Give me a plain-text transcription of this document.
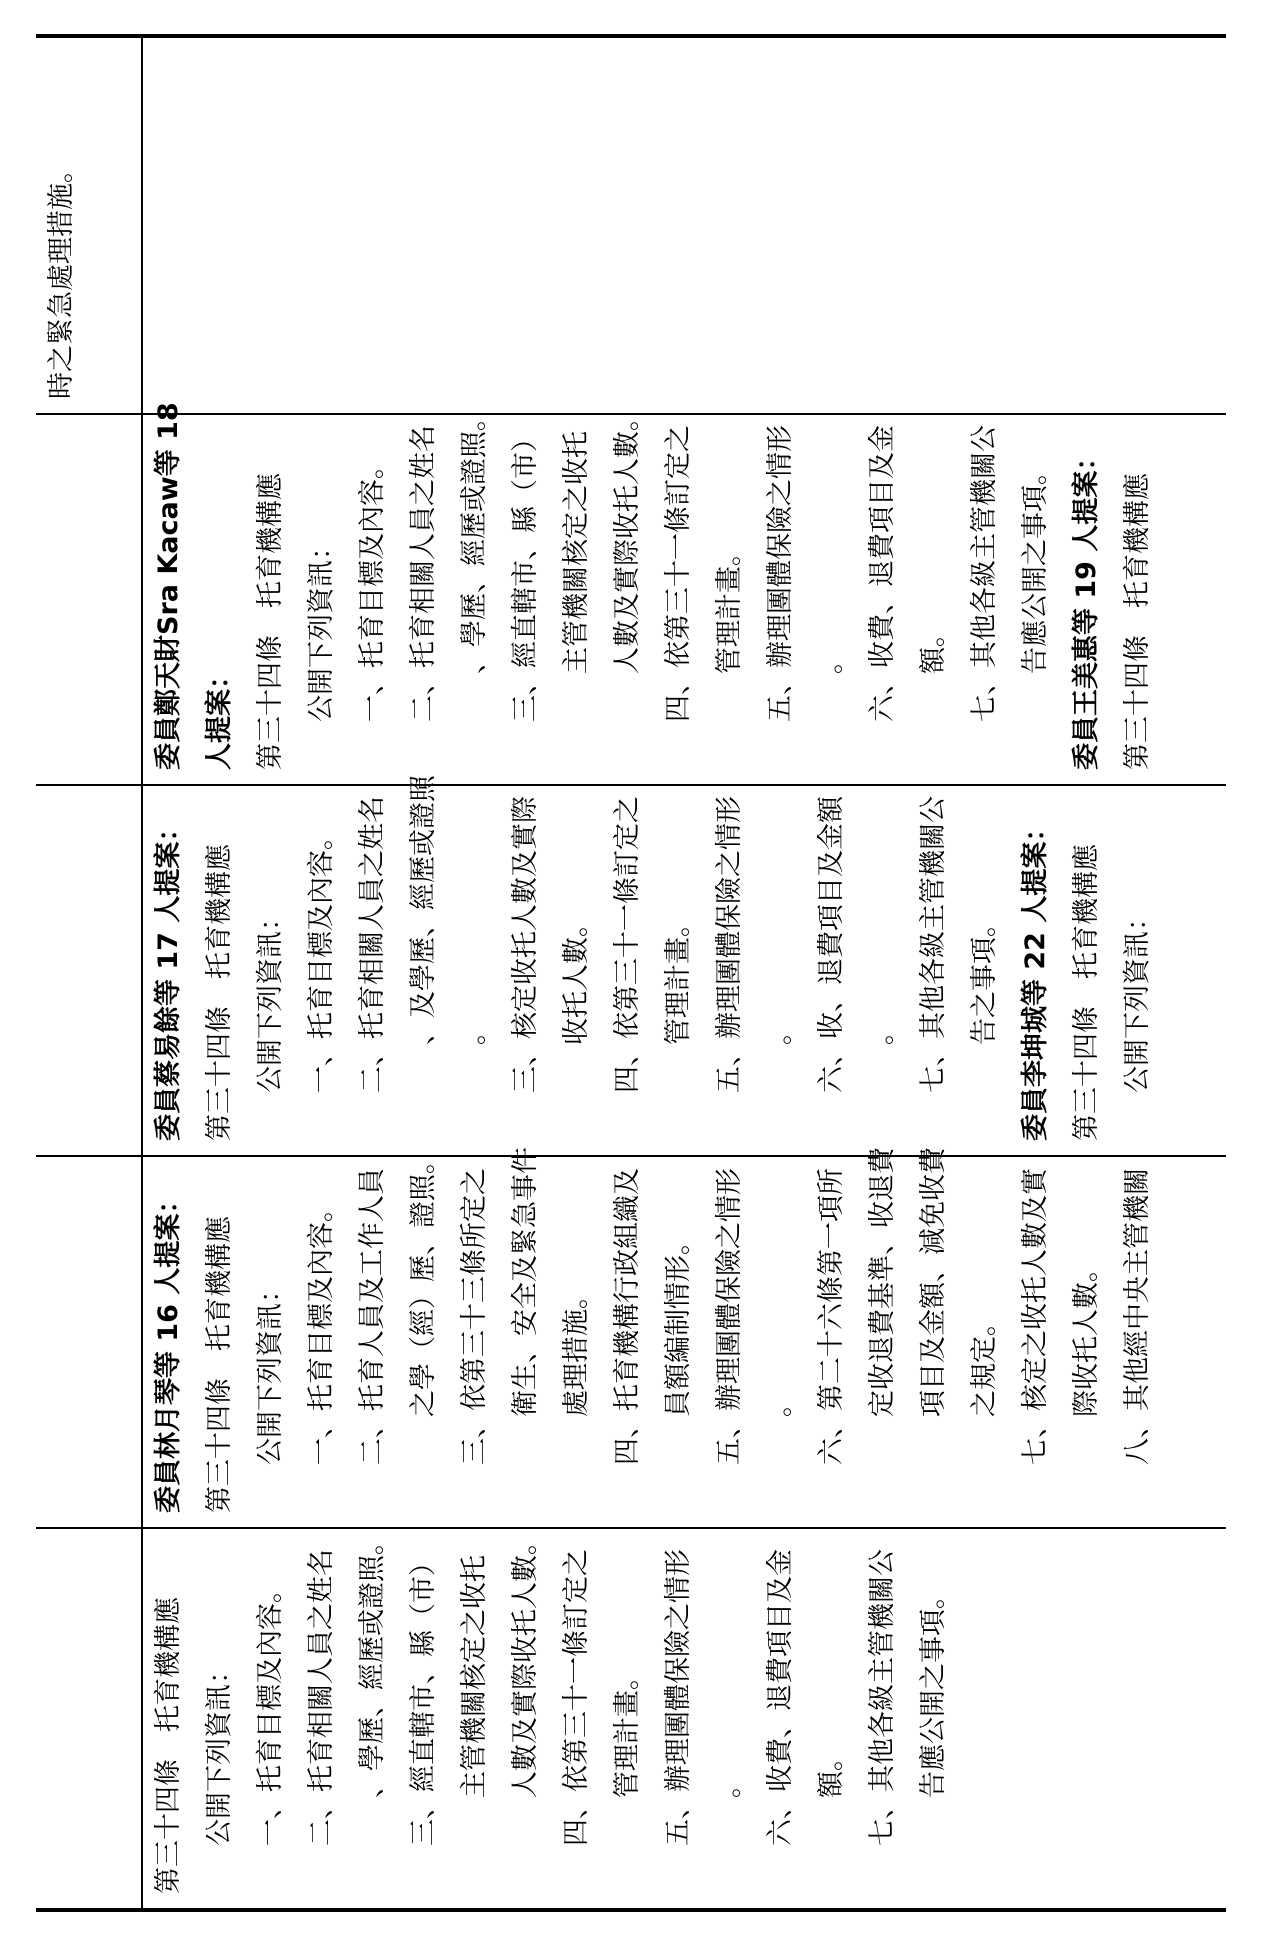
時之緊急處理措施。
委員鄭天財Sra Kacaw等 18 人提案： 第三十四條　托育機構應 公開下列資訊： 一、托育目標及內容。 二、托育相關人員之姓名 、學歷、經歷或證照。 三、經直轄市、縣（市） 主管機關核定之收托 人數及實際收托人數。 四、依第三十一條訂定之 管理計畫。 五、辦理團體保險之情形 。 六、收費、退費項目及金 額。 七、其他各級主管機關公 告應公開之事項。 委員王美惠等 19 人提案： 第三十四條　托育機構應
委員蔡易餘等 17 人提案： 第三十四條　托育機構應 公開下列資訊： 一、托育目標及內容。 二、托育相關人員之姓名 、及學歷、經歷或證照 。 三、核定收托人數及實際 收托人數。 四、依第三十一條訂定之 管理計畫。 五、辦理團體保險之情形 。 六、收、退費項目及金額 。 七、其他各級主管機關公 告之事項。 委員李坤城等 22 人提案： 第三十四條　托育機構應 公開下列資訊：
委員林月琴等 16 人提案： 第三十四條　托育機構應 公開下列資訊： 一、托育目標及內容。 二、托育人員及工作人員 之學（經）歷、證照。 三、依第三十三條所定之 衛生、安全及緊急事件 處理措施。 四、托育機構行政組織及 員額編制情形。 五、辦理團體保險之情形 。 六、第二十六條第一項所 定收退費基準、收退費 項目及金額、減免收費 之規定。 七、核定之收托人數及實 際收托人數。 八、其他經中央主管機關
第三十四條　托育機構應 公開下列資訊： 一、托育目標及內容。 二、托育相關人員之姓名 、學歷、經歷或證照。 三、經直轄市、縣（市） 主管機關核定之收托 人數及實際收托人數。 四、依第三十一條訂定之 管理計畫。 五、辦理團體保險之情形 。 六、收費、退費項目及金 額。 七、其他各級主管機關公 告應公開之事項。
